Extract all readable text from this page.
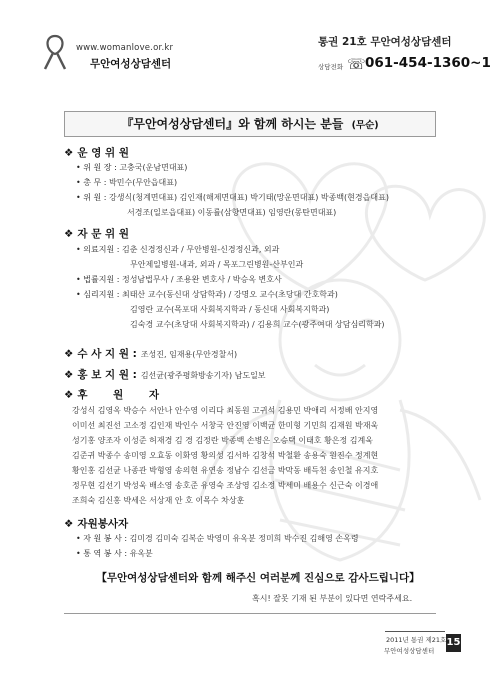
www.womanlove.or.kr
무안여성상담센터
통권 21호 무안여성상담센터
상담전화 ☏ 061-454-1360~1
『무안여성상담센터』와 함께 하시는 분들 (무순)
❖ 운 영 위 원
• 위 원 장 : 고충국(운남면대표)
• 총 무 : 박민수(무안읍대표)
• 위 원 : 강생식(청계면대표) 김인재(해제면대표) 박기태(망운면대표) 박종백(현경읍대표)
서경조(일로읍대표) 이동률(삼향면대표) 임영란(몽탄면대표)
❖ 자 문 위 원
• 의료지원 : 김춘 신경정신과 / 무안병원-신경정신과, 외과
무안제일병원-내과, 외과 / 목포그린병원-산부인과
• 법률지원 : 정성남법무사 / 조용완 변호사 / 박승옥 변호사
• 심리지원 : 최태산 교수(동신대 상담학과) / 강명오 교수(초당대 간호학과)
김영란 교수(목포대 사회복지학과 / 동신대 사회복지학과)
김숙경 교수(초당대 사회복지학과) / 김용희 교수(광주여대 상담심리학과)
❖ 수 사 지 원 : 조성진, 임재용(무안경찰서)
❖ 홍 보 지 원 : 김선균(광주평화방송기자) 남도일보
❖ 후       원       자
강성식 김영옥 박승수 서안나 안수영 이리다 최동원 고귀석 김용민 박애리 서정배 안지영
이미선 최진선 고소정 김인재 박인수 서창국 안진영 이백균 한미형 기민희 김재원 박재욱
성기홍 양조자 이성준 허재경 김 경 김정란 박종백 손병은 오승택 이태호 황은정 김계욱
김준귀 박종수 송미영 오효동 이화영 황의성 김서하 김창석 박철환 송용숙 원진수 정계현
황인홍 김선균 나종관 박형영 송의현 유연송 정남수 김선금 박막동 배득천 송인철 유지호
정무현 김선기 박성욱 배소영 송호준 유영숙 조상영 김소정 박세미 배용수 신근숙 이경애
조희숙 김신홍 박세은 서상재 안 호 이목수 차상훈
❖ 자원봉사자
• 자 원 봉 사 : 김미경 김미숙 김복순 박영미 유옥분 정미희 박수진 김해영 손옥령
• 통 역 봉 사 : 유옥분
【무안여성상담센터와 함께 해주신 여러분께 진심으로 감사드립니다】
혹시! 잘못 기재 된 부분이 있다면 연락주세요.
2011년 통권 제21호
무안여성상담센터
15
